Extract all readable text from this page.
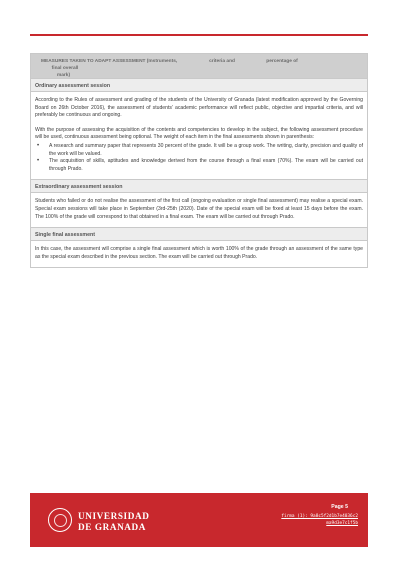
MEASURES TAKEN TO ADAPT ASSESSMENT (Instruments,	criteria and	percentage of
final overall
mark)
Ordinary assessment session

According to the Rules of assessment and grading of the students of the University of Granada (latest modification approved by the Governing Board on 26th October 2016), the assessment of students’ academic performance will reflect public, objective and impartial criteria, and will preferably be continuous and ongoing.

With the purpose of assessing the acquisition of the contents and competencies to develop in the subject, the following assessment procedure will be used, continuous assessment being optional. The weight of each item in the final assessments shown in parenthesis:

• A research and summary paper that represents 30 percent of the grade. It will be a group work. The writing, clarity, precision and quality of the work will be valued.
• The acquisition of skills, aptitudes and knowledge derived from the course through a final exam (70%). The exam will be carried out through Prado.
Extraordinary assessment session

Students who failed or do not realise the assessment of the first call (ongoing evaluation or single final assessment) may realise a special exam. Special exam sessions will take place in September (3rd-25th (2020). Date of the special exam will be fixed at least 15 days before the exam. The 100% of the grade will correspond to that obtained in a final exam. The exam will be carried out through Prado.

Single final assessment

In this case, the assessment will comprise a single final assessment which is worth 100% of the grade through an assessment of the same type as the special exam described in the previous section. The exam will be carried out through Prado.

UNIVERSIDAD
DE GRANADA
Page 5
firma (1): 9a8c5f2d1b7e4036c2
ma9d3e7c1f5b
